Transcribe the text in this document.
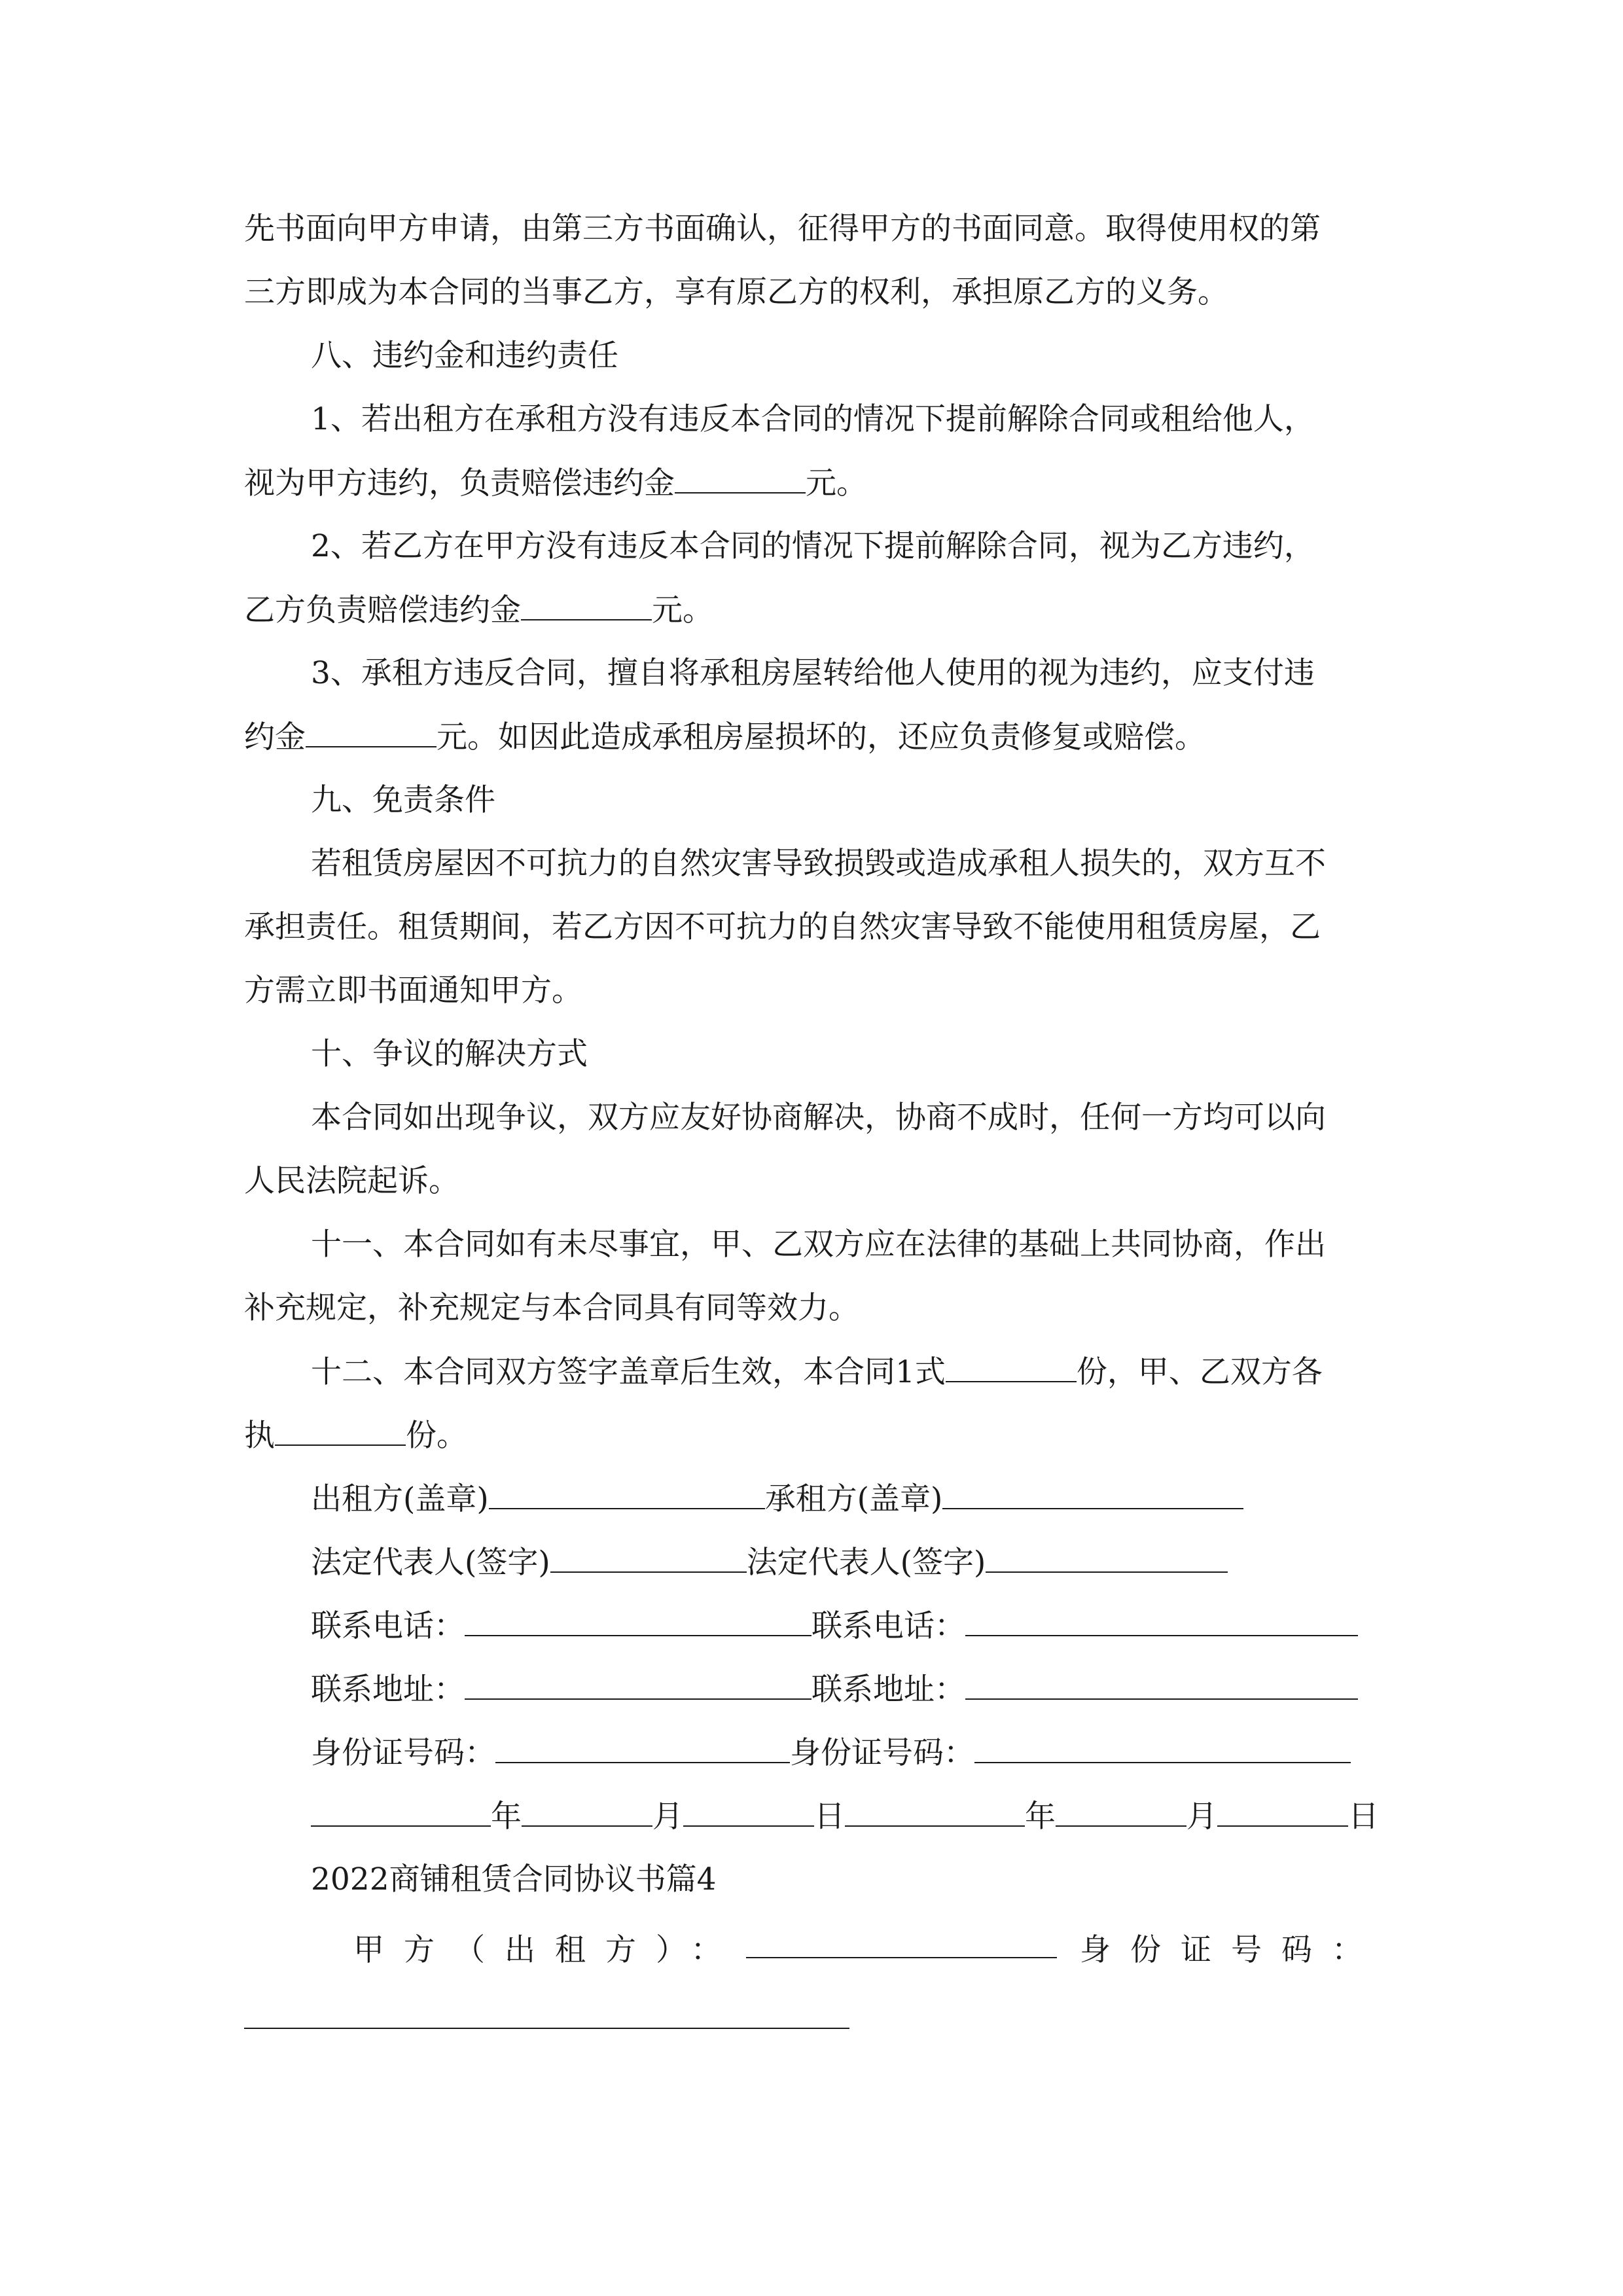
先书面向甲方申请，由第三方书面确认，征得甲方的书面同意。取得使用权的第
三方即成为本合同的当事乙方，享有原乙方的权利，承担原乙方的义务。
八、违约金和违约责任
1、若出租方在承租方没有违反本合同的情况下提前解除合同或租给他人，
视为甲方违约，负责赔偿违约金	元。
2、若乙方在甲方没有违反本合同的情况下提前解除合同，视为乙方违约，
乙方负责赔偿违约金	元。
3、承租方违反合同，擅自将承租房屋转给他人使用的视为违约，应支付违
约金	元。如因此造成承租房屋损坏的，还应负责修复或赔偿。
九、免责条件
若租赁房屋因不可抗力的自然灾害导致损毁或造成承租人损失的，双方互不
承担责任。租赁期间，若乙方因不可抗力的自然灾害导致不能使用租赁房屋，乙
方需立即书面通知甲方。
十、争议的解决方式
本合同如出现争议，双方应友好协商解决，协商不成时，任何一方均可以向
人民法院起诉。
十一、本合同如有未尽事宜，甲、乙双方应在法律的基础上共同协商，作出
补充规定，补充规定与本合同具有同等效力。
十二、本合同双方签字盖章后生效，本合同1式	份，甲、乙双方各
执	份。
出租方(盖章)	承租方(盖章)
法定代表人(签字)	法定代表人(签字)
联系电话：	联系电话：
联系地址：	联系地址：
身份证号码：	身份证号码：
年	月	日	年	月	日
2022商铺租赁合同协议书篇4
甲方（出租方）：	身份证号码：
